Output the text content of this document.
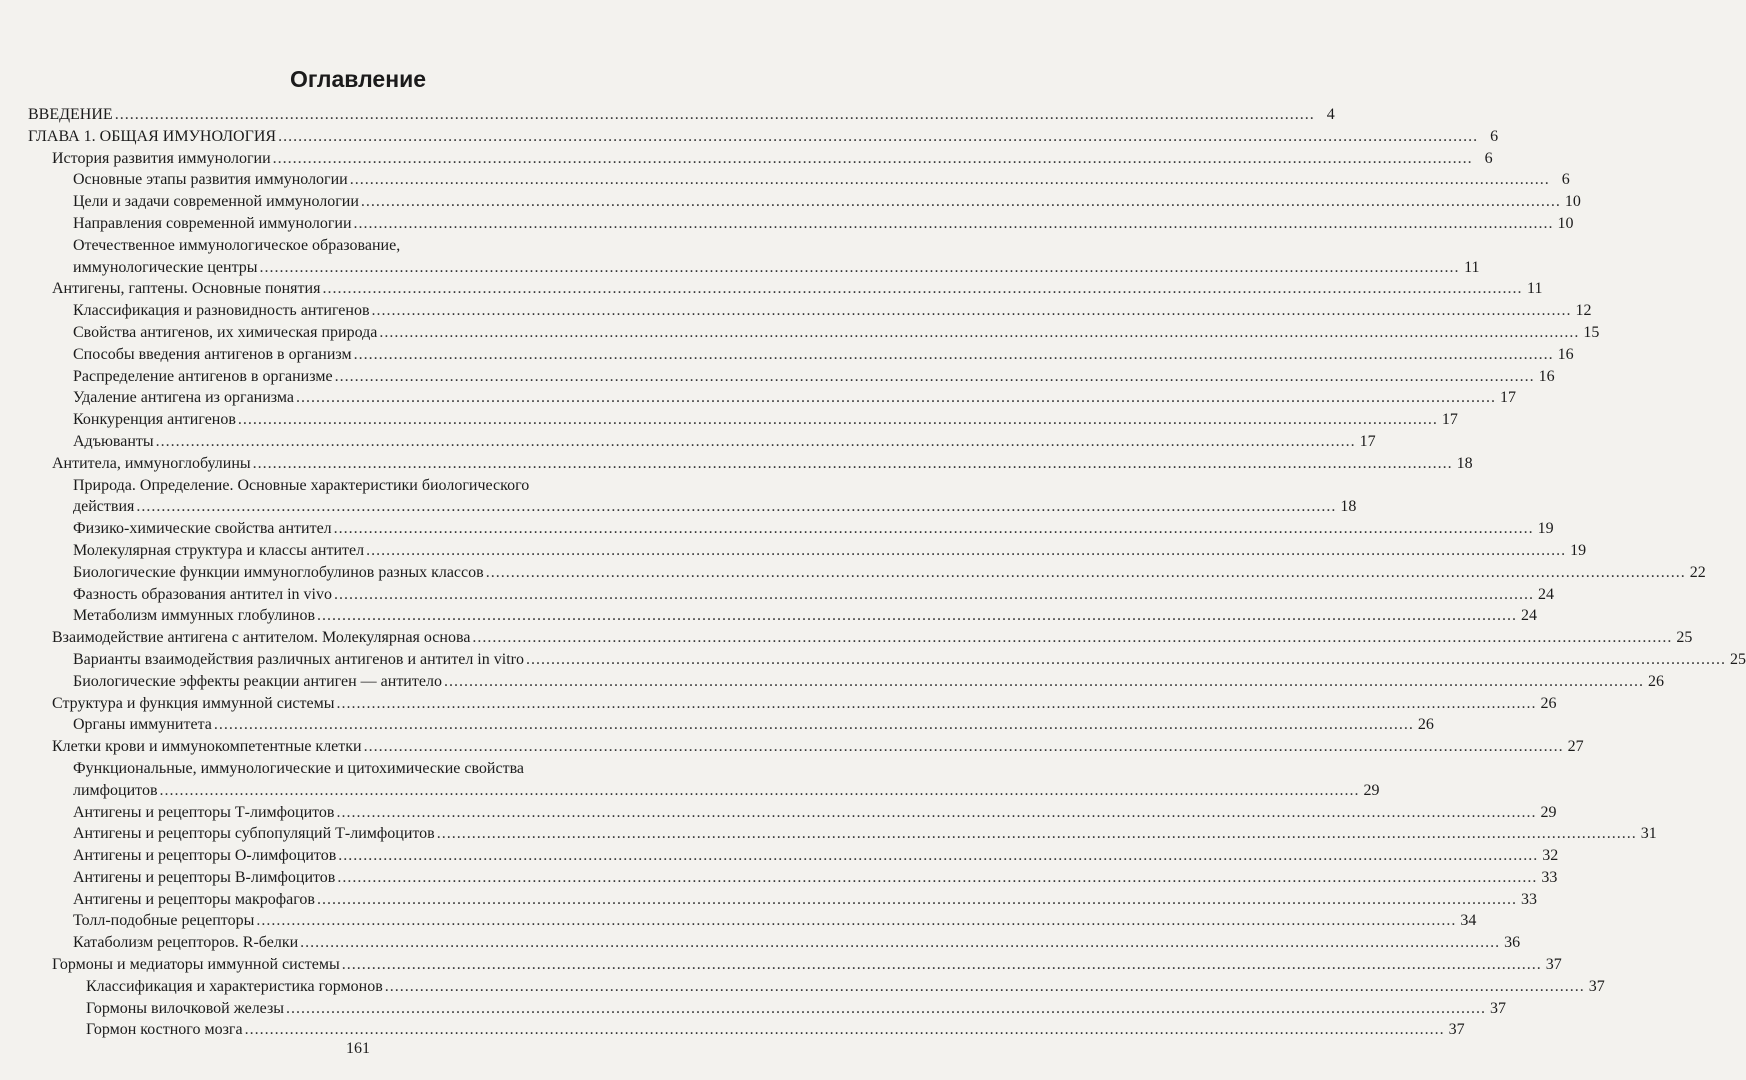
Оглавление
ВВЕДЕНИЕ ................................................................................................................................................................................................................................................ 4
ГЛАВА 1. ОБЩАЯ ИМУНОЛОГИЯ ................................................................................................................................................................................................................................................ 6
История развития иммунологии ................................................................................................................................................................................................................................................ 6
Основные этапы развития иммунологии ................................................................................................................................................................................................................................................ 6
Цели и задачи современной иммунологии ................................................................................................................................................................................................................................................ 10
Направления современной иммунологии ................................................................................................................................................................................................................................................ 10
Отечественное иммунологическое образование,
иммунологические центры ................................................................................................................................................................................................................................................ 11
Антигены, гаптены. Основные понятия ................................................................................................................................................................................................................................................ 11
Классификация и разновидность антигенов ................................................................................................................................................................................................................................................ 12
Свойства антигенов, их химическая природа ................................................................................................................................................................................................................................................ 15
Способы введения антигенов в организм ................................................................................................................................................................................................................................................ 16
Распределение антигенов в организме ................................................................................................................................................................................................................................................ 16
Удаление антигена из организма ................................................................................................................................................................................................................................................ 17
Конкуренция антигенов ................................................................................................................................................................................................................................................ 17
Адъюванты ................................................................................................................................................................................................................................................ 17
Антитела, иммуноглобулины ................................................................................................................................................................................................................................................ 18
Природа. Определение. Основные характеристики биологического
действия ................................................................................................................................................................................................................................................ 18
Физико-химические свойства антител ................................................................................................................................................................................................................................................ 19
Молекулярная структура и классы антител ................................................................................................................................................................................................................................................ 19
Биологические функции иммуноглобулинов разных классов ................................................................................................................................................................................................................................................ 22
Фазность образования антител in vivo ................................................................................................................................................................................................................................................ 24
Метаболизм иммунных глобулинов ................................................................................................................................................................................................................................................ 24
Взаимодействие антигена с антителом. Молекулярная основа ................................................................................................................................................................................................................................................ 25
Варианты взаимодействия различных антигенов и антител in vitro ................................................................................................................................................................................................................................................ 25
Биологические эффекты реакции антиген — антитело ................................................................................................................................................................................................................................................ 26
Структура и функция иммунной системы ................................................................................................................................................................................................................................................ 26
Органы иммунитета ................................................................................................................................................................................................................................................ 26
Клетки крови и иммунокомпетентные клетки ................................................................................................................................................................................................................................................ 27
Функциональные, иммунологические и цитохимические свойства
лимфоцитов ................................................................................................................................................................................................................................................ 29
Антигены и рецепторы Т-лимфоцитов ................................................................................................................................................................................................................................................ 29
Антигены и рецепторы субпопуляций Т-лимфоцитов ................................................................................................................................................................................................................................................ 31
Антигены и рецепторы О-лимфоцитов ................................................................................................................................................................................................................................................ 32
Антигены и рецепторы В-лимфоцитов ................................................................................................................................................................................................................................................ 33
Антигены и рецепторы макрофагов ................................................................................................................................................................................................................................................ 33
Толл-подобные рецепторы ................................................................................................................................................................................................................................................ 34
Катаболизм рецепторов. R-белки ................................................................................................................................................................................................................................................ 36
Гормоны и медиаторы иммунной системы ................................................................................................................................................................................................................................................ 37
Классификация и характеристика гормонов ................................................................................................................................................................................................................................................ 37
Гормоны вилочковой железы ................................................................................................................................................................................................................................................ 37
Гормон костного мозга ................................................................................................................................................................................................................................................ 37
161
